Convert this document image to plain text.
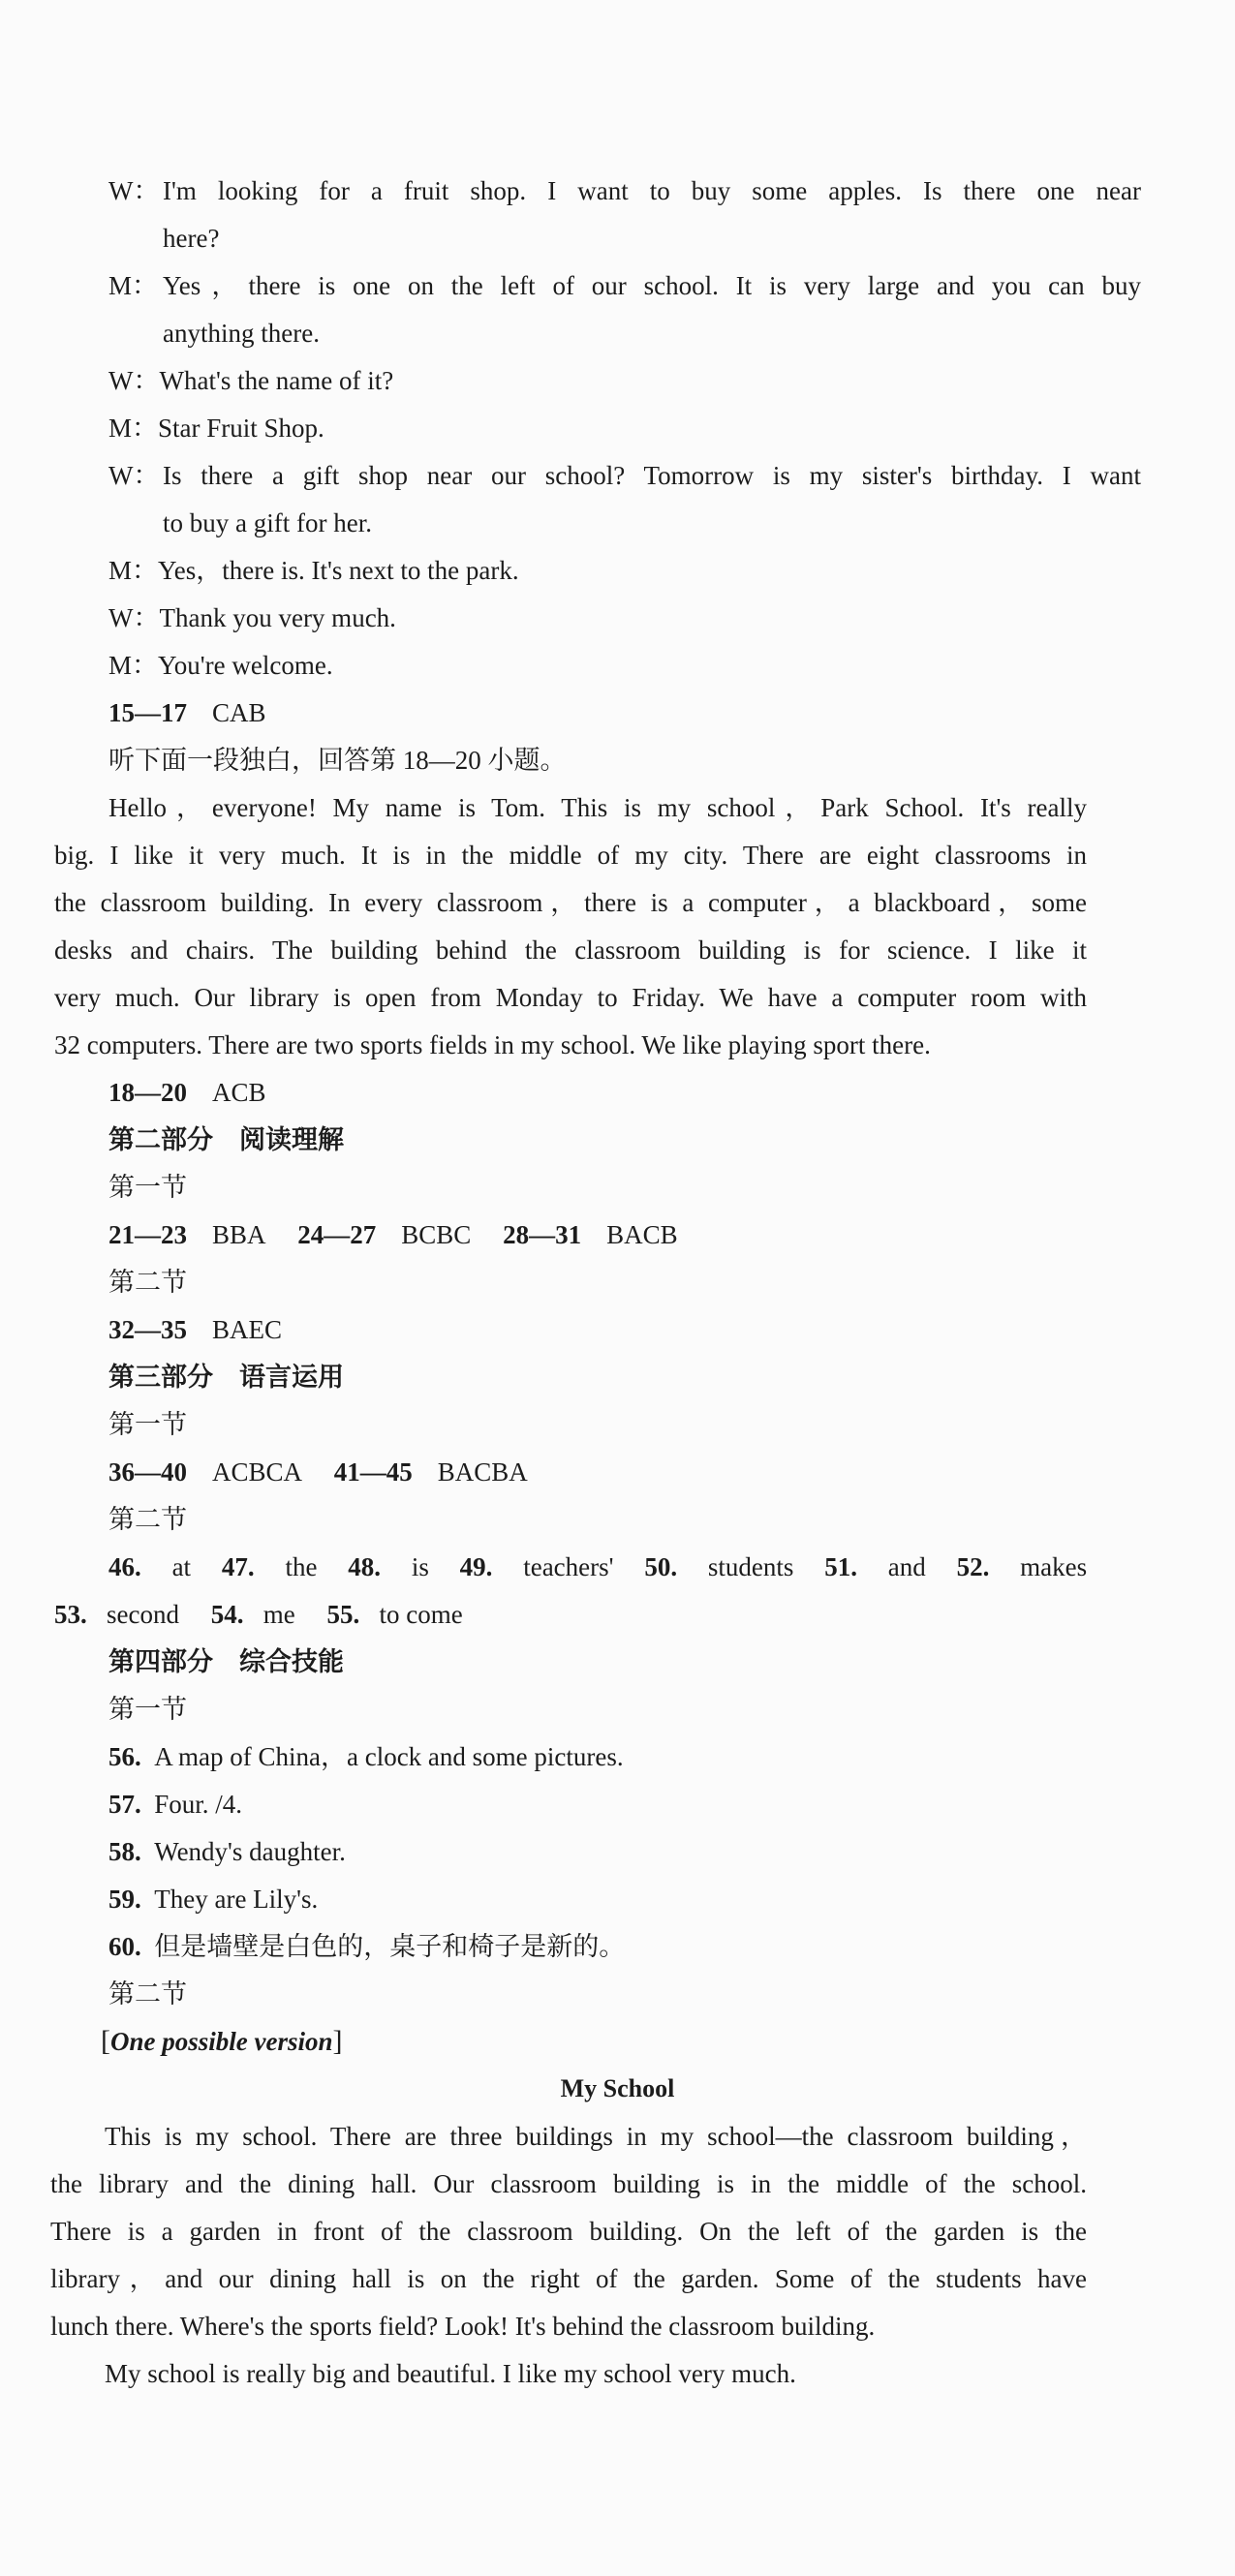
W： I'm looking for a fruit shop. I want to buy some apples. Is there one near
here?
M： Yes，there is one on the left of our school. It is very large and you can buy
anything there.
W：What's the name of it?
M：Star Fruit Shop.
W： Is there a gift shop near our school? Tomorrow is my sister's birthday. I want
to buy a gift for her.
M：Yes，there is. It's next to the park.
W：Thank you very much.
M：You're welcome.
15—17 CAB
听下面一段独白，回答第 18—20 小题。
Hello，everyone! My name is Tom. This is my school，Park School. It's really
big. I like it very much. It is in the middle of my city. There are eight classrooms in
the classroom building. In every classroom，there is a computer，a blackboard，some
desks and chairs. The building behind the classroom building is for science. I like it
very much. Our library is open from Monday to Friday. We have a computer room with
32 computers. There are two sports fields in my school. We like playing sport there.
18—20 ACB
第二部分　阅读理解
第一节
21—23 BBA 24—27 BCBC 28—31 BACB
第二节
32—35 BAEC
第三部分　语言运用
第一节
36—40 ACBCA 41—45 BACBA
第二节
46. at 47. the 48. is 49. teachers' 50. students 51. and 52. makes
53. second 54. me 55. to come
第四部分　综合技能
第一节
56. A map of China，a clock and some pictures.
57. Four. /4.
58. Wendy's daughter.
59. They are Lily's.
60. 但是墙壁是白色的，桌子和椅子是新的。
第二节
[One possible version]
My School
This is my school. There are three buildings in my school—the classroom building，
the library and the dining hall. Our classroom building is in the middle of the school.
There is a garden in front of the classroom building. On the left of the garden is the
library，and our dining hall is on the right of the garden. Some of the students have
lunch there. Where's the sports field? Look! It's behind the classroom building.
My school is really big and beautiful. I like my school very much.
